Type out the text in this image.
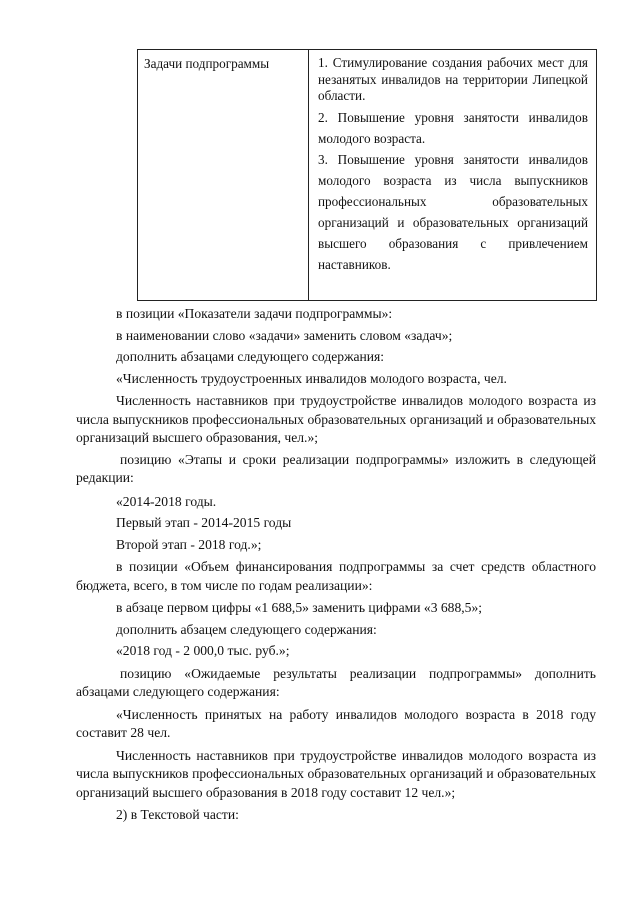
Задачи подпрограммы	1. Стимулирование создания рабочих мест для незанятых инвалидов на территории Липецкой области.
2. Повышение уровня занятости инвалидов молодого возраста.
3. Повышение уровня занятости инвалидов молодого возраста из числа выпускников профессиональных образовательных организаций и образовательных организаций высшего образования с привлечением наставников.

в позиции «Показатели задачи подпрограммы»:

в наименовании слово «задачи» заменить словом «задач»;

дополнить абзацами следующего содержания:

«Численность трудоустроенных инвалидов молодого возраста, чел.

Численность наставников при трудоустройстве инвалидов молодого возраста из числа выпускников профессиональных образовательных организаций и образовательных организаций высшего образования, чел.»;

позицию «Этапы и сроки реализации подпрограммы» изложить в следующей редакции:

«2014-2018 годы.

Первый этап - 2014-2015 годы

Второй этап - 2018 год.»;

в позиции «Объем финансирования подпрограммы за счет средств областного бюджета, всего, в том числе по годам реализации»:

в абзаце первом цифры «1 688,5» заменить цифрами «3 688,5»;

дополнить абзацем следующего содержания:

«2018 год - 2 000,0 тыс. руб.»;

позицию «Ожидаемые результаты реализации подпрограммы» дополнить абзацами следующего содержания:

«Численность принятых на работу инвалидов молодого возраста в 2018 году составит 28 чел.

Численность наставников при трудоустройстве инвалидов молодого возраста из числа выпускников профессиональных образовательных организаций и образовательных организаций высшего образования в 2018 году составит 12 чел.»;

2) в Текстовой части:
